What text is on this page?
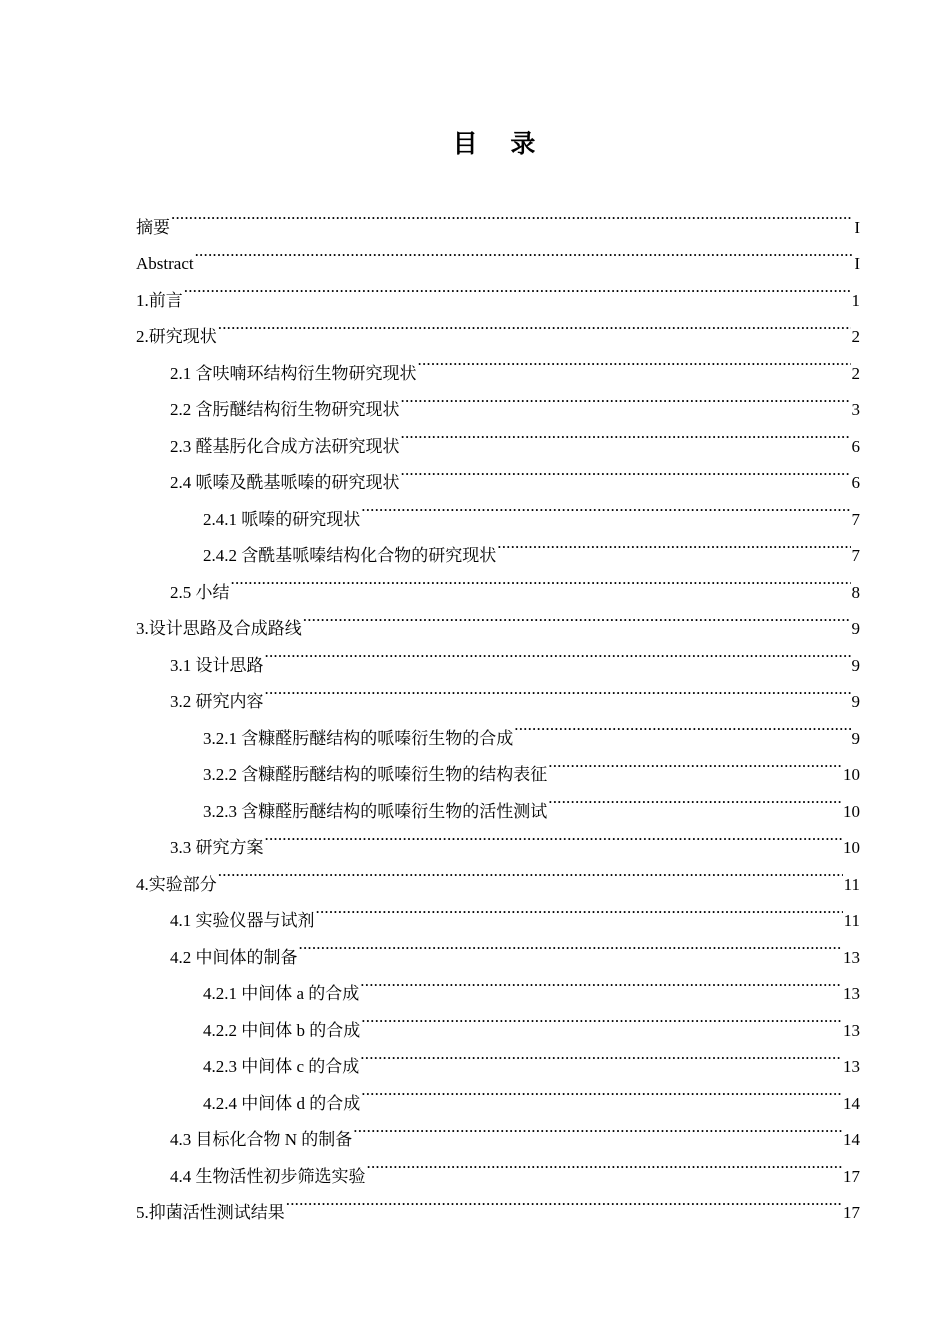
目 录
摘要 .....	I
Abstract .....	I
1.前言 .....	1
2.研究现状 .....	2
2.1 含呋喃环结构衍生物研究现状 .....	2
2.2 含肟醚结构衍生物研究现状 .....	3
2.3 醛基肟化合成方法研究现状 .....	6
2.4 哌嗪及酰基哌嗪的研究现状 .....	6
2.4.1 哌嗪的研究现状 .....	7
2.4.2 含酰基哌嗪结构化合物的研究现状 .....	7
2.5 小结 .....	8
3.设计思路及合成路线 .....	9
3.1 设计思路 .....	9
3.2 研究内容 .....	9
3.2.1 含糠醛肟醚结构的哌嗪衍生物的合成 .....	9
3.2.2 含糠醛肟醚结构的哌嗪衍生物的结构表征 .....	10
3.2.3 含糠醛肟醚结构的哌嗪衍生物的活性测试 .....	10
3.3 研究方案 .....	10
4.实验部分 .....	11
4.1 实验仪器与试剂 .....	11
4.2 中间体的制备 .....	13
4.2.1 中间体 a 的合成 .....	13
4.2.2 中间体 b 的合成 .....	13
4.2.3 中间体 c 的合成 .....	13
4.2.4 中间体 d 的合成 .....	14
4.3 目标化合物 N 的制备 .....	14
4.4 生物活性初步筛选实验 .....	17
5.抑菌活性测试结果 .....	17
